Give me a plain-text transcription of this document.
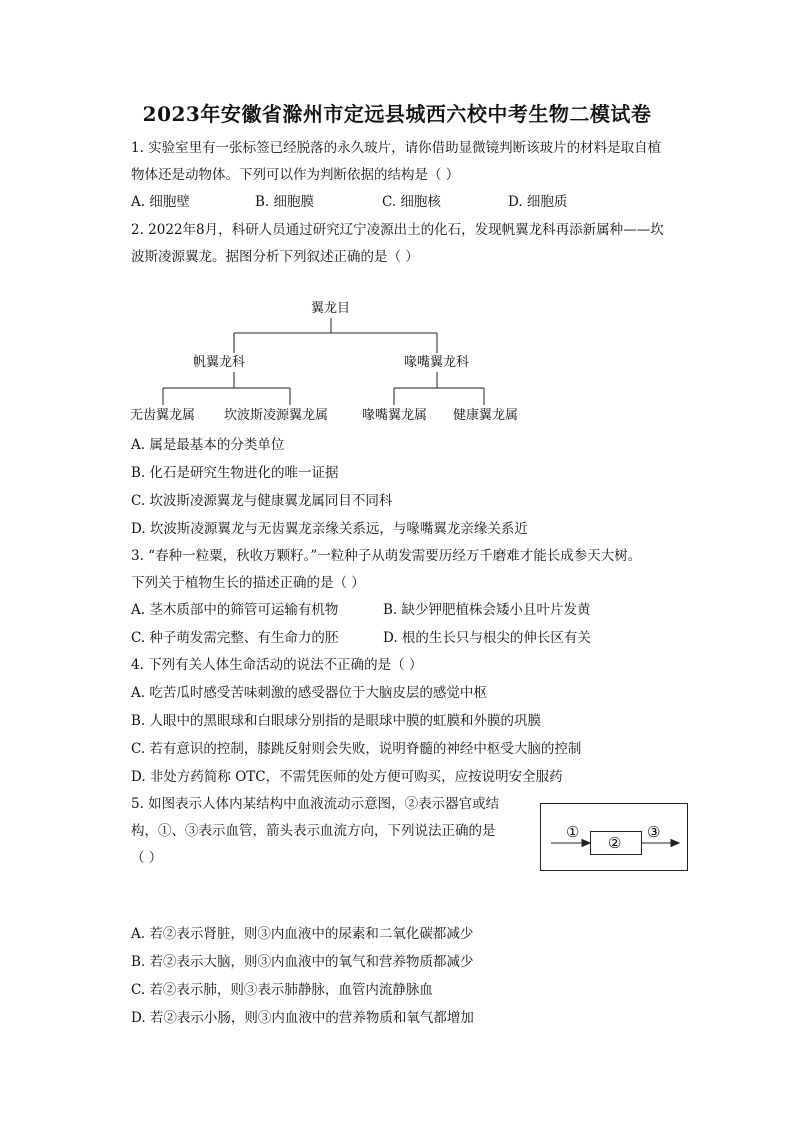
2023年安徽省滁州市定远县城西六校中考生物二模试卷
1. 实验室里有一张标签已经脱落的永久玻片，请你借助显微镜判断该玻片的材料是取自植
物体还是动物体。下列可以作为判断依据的结构是（ ）
A. 细胞壁	B. 细胞膜	C. 细胞核	D. 细胞质
2. 2022年8月，科研人员通过研究辽宁凌源出土的化石，发现帆翼龙科再添新属种——坎
波斯凌源翼龙。据图分析下列叙述正确的是（ ）
翼龙目
帆翼龙科	喙嘴翼龙科
无齿翼龙属 坎波斯凌源翼龙属	喙嘴翼龙属 健康翼龙属
A. 属是最基本的分类单位
B. 化石是研究生物进化的唯一证据
C. 坎波斯凌源翼龙与健康翼龙属同目不同科
D. 坎波斯凌源翼龙与无齿翼龙亲缘关系远，与喙嘴翼龙亲缘关系近
3. “春种一粒粟，秋收万颗籽。”一粒种子从萌发需要历经万千磨难才能长成参天大树。
下列关于植物生长的描述正确的是（ ）
A. 茎木质部中的筛管可运输有机物	B. 缺少钾肥植株会矮小且叶片发黄
C. 种子萌发需完整、有生命力的胚	D. 根的生长只与根尖的伸长区有关
4. 下列有关人体生命活动的说法不正确的是（ ）
A. 吃苦瓜时感受苦味刺激的感受器位于大脑皮层的感觉中枢
B. 人眼中的黑眼球和白眼球分别指的是眼球中膜的虹膜和外膜的巩膜
C. 若有意识的控制，膝跳反射则会失败，说明脊髓的神经中枢受大脑的控制
D. 非处方药简称 OTC，不需凭医师的处方便可购买，应按说明安全服药
5. 如图表示人体内某结构中血液流动示意图，②表示器官或结
构，①、③表示血管，箭头表示血流方向，下列说法正确的是
（ ）
①
②
③
A. 若②表示肾脏，则③内血液中的尿素和二氧化碳都减少
B. 若②表示大脑，则③内血液中的氧气和营养物质都减少
C. 若②表示肺，则③表示肺静脉，血管内流静脉血
D. 若②表示小肠，则③内血液中的营养物质和氧气都增加
